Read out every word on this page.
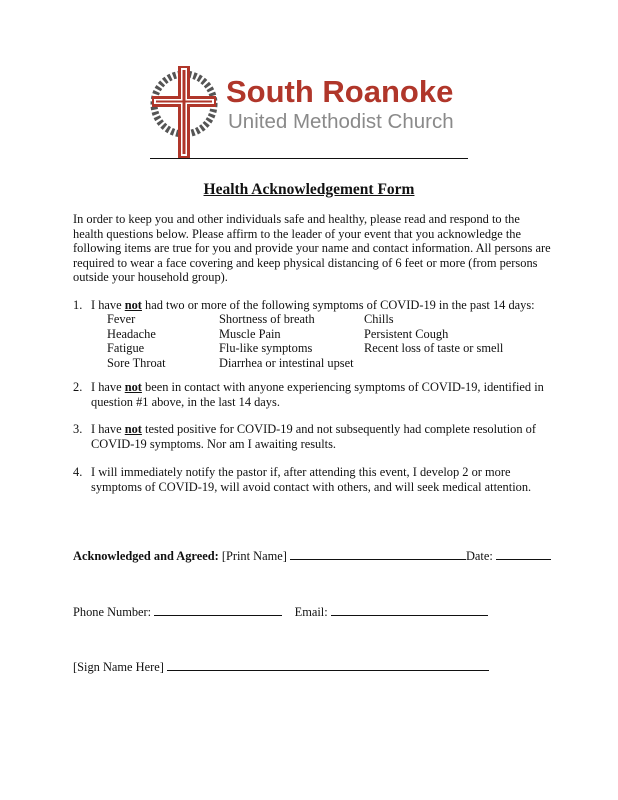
South Roanoke
United Methodist Church
Health Acknowledgement Form
In order to keep you and other individuals safe and healthy, please read and respond to the health questions below. Please affirm to the leader of your event that you acknowledge the following items are true for you and provide your name and contact information. All persons are required to wear a face covering and keep physical distancing of 6 feet or more (from persons outside your household group).
1. I have not had two or more of the following symptoms of COVID-19 in the past 14 days:
Fever
Headache
Fatigue
Sore Throat
Shortness of breath
Muscle Pain
Flu-like symptoms
Diarrhea or intestinal upset
Chills
Persistent Cough
Recent loss of taste or smell
2. I have not been in contact with anyone experiencing symptoms of COVID-19, identified in question #1 above, in the last 14 days.
3. I have not tested positive for COVID-19 and not subsequently had complete resolution of COVID-19 symptoms. Nor am I awaiting results.
4. I will immediately notify the pastor if, after attending this event, I develop 2 or more symptoms of COVID-19, will avoid contact with others, and will seek medical attention.
Acknowledged and Agreed: [Print Name]	Date:
Phone Number:	Email:
[Sign Name Here]
